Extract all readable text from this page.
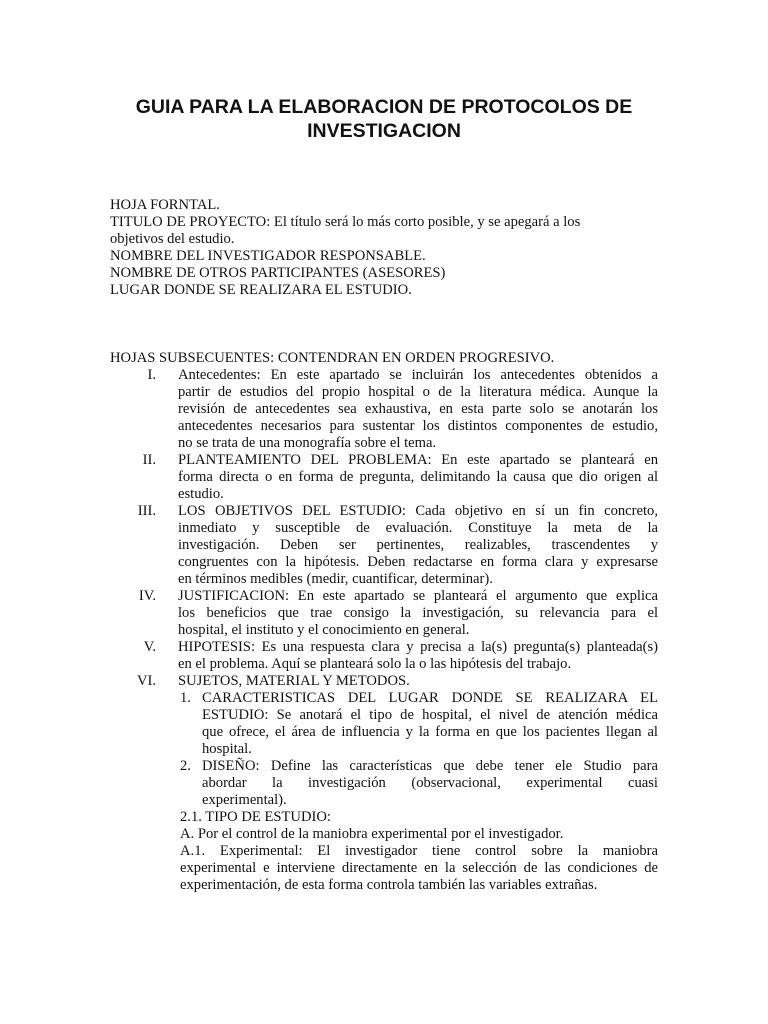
GUIA PARA LA ELABORACION DE PROTOCOLOS DE
INVESTIGACION
HOJA FORNTAL.
TITULO DE PROYECTO: El título será lo más corto posible, y se apegará a los
objetivos del estudio.
NOMBRE DEL INVESTIGADOR RESPONSABLE.
NOMBRE DE OTROS PARTICIPANTES (ASESORES)
LUGAR DONDE SE REALIZARA EL ESTUDIO.
HOJAS SUBSECUENTES: CONTENDRAN EN ORDEN PROGRESIVO.
I. Antecedentes: En este apartado se incluirán los antecedentes obtenidos a
partir de estudios del propio hospital o de la literatura médica. Aunque la
revisión de antecedentes sea exhaustiva, en esta parte solo se anotarán los
antecedentes necesarios para sustentar los distintos componentes de estudio,
no se trata de una monografía sobre el tema.
II. PLANTEAMIENTO DEL PROBLEMA: En este apartado se planteará en
forma directa o en forma de pregunta, delimitando la causa que dio origen al
estudio.
III. LOS OBJETIVOS DEL ESTUDIO: Cada objetivo en sí un fin concreto,
inmediato y susceptible de evaluación. Constituye la meta de la
investigación. Deben ser pertinentes, realizables, trascendentes y
congruentes con la hipótesis. Deben redactarse en forma clara y expresarse
en términos medibles (medir, cuantificar, determinar).
IV. JUSTIFICACION: En este apartado se planteará el argumento que explica
los beneficios que trae consigo la investigación, su relevancia para el
hospital, el instituto y el conocimiento en general.
V. HIPOTESIS: Es una respuesta clara y precisa a la(s) pregunta(s) planteada(s)
en el problema. Aquí se planteará solo la o las hipótesis del trabajo.
VI. SUJETOS, MATERIAL Y METODOS.
1. CARACTERISTICAS DEL LUGAR DONDE SE REALIZARA EL
ESTUDIO: Se anotará el tipo de hospital, el nivel de atención médica
que ofrece, el área de influencia y la forma en que los pacientes llegan al
hospital.
2. DISEÑO: Define las características que debe tener ele Studio para
abordar la investigación (observacional, experimental cuasi
experimental).
2.1. TIPO DE ESTUDIO:
A. Por el control de la maniobra experimental por el investigador.
A.1. Experimental: El investigador tiene control sobre la maniobra
experimental e interviene directamente en la selección de las condiciones de
experimentación, de esta forma controla también las variables extrañas.
